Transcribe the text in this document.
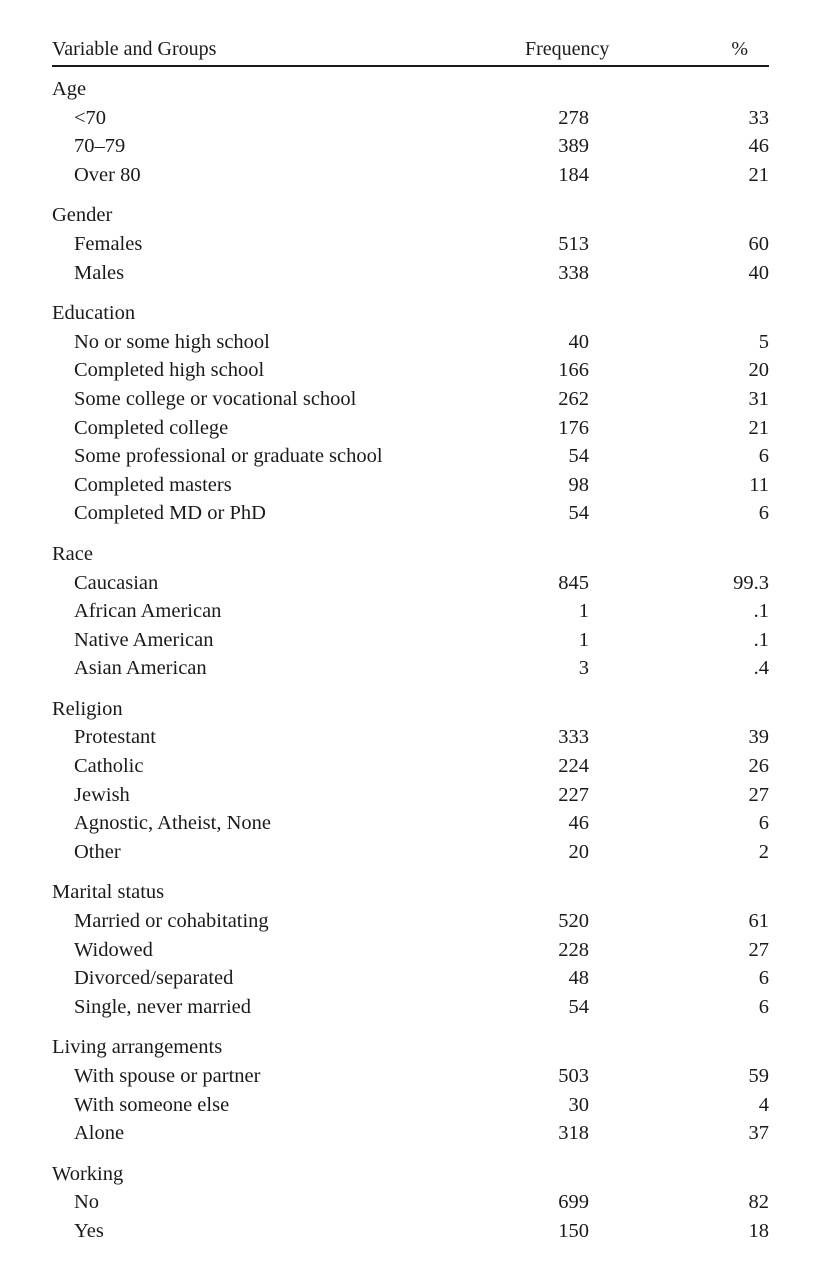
Variable and Groups	Frequency	%
Age
<70	278	33
70–79	389	46
Over 80	184	21
Gender
Females	513	60
Males	338	40
Education
No or some high school	40	5
Completed high school	166	20
Some college or vocational school	262	31
Completed college	176	21
Some professional or graduate school	54	6
Completed masters	98	11
Completed MD or PhD	54	6
Race
Caucasian	845	99.3
African American	1	.1
Native American	1	.1
Asian American	3	.4
Religion
Protestant	333	39
Catholic	224	26
Jewish	227	27
Agnostic, Atheist, None	46	6
Other	20	2
Marital status
Married or cohabitating	520	61
Widowed	228	27
Divorced/separated	48	6
Single, never married	54	6
Living arrangements
With spouse or partner	503	59
With someone else	30	4
Alone	318	37
Working
No	699	82
Yes	150	18
